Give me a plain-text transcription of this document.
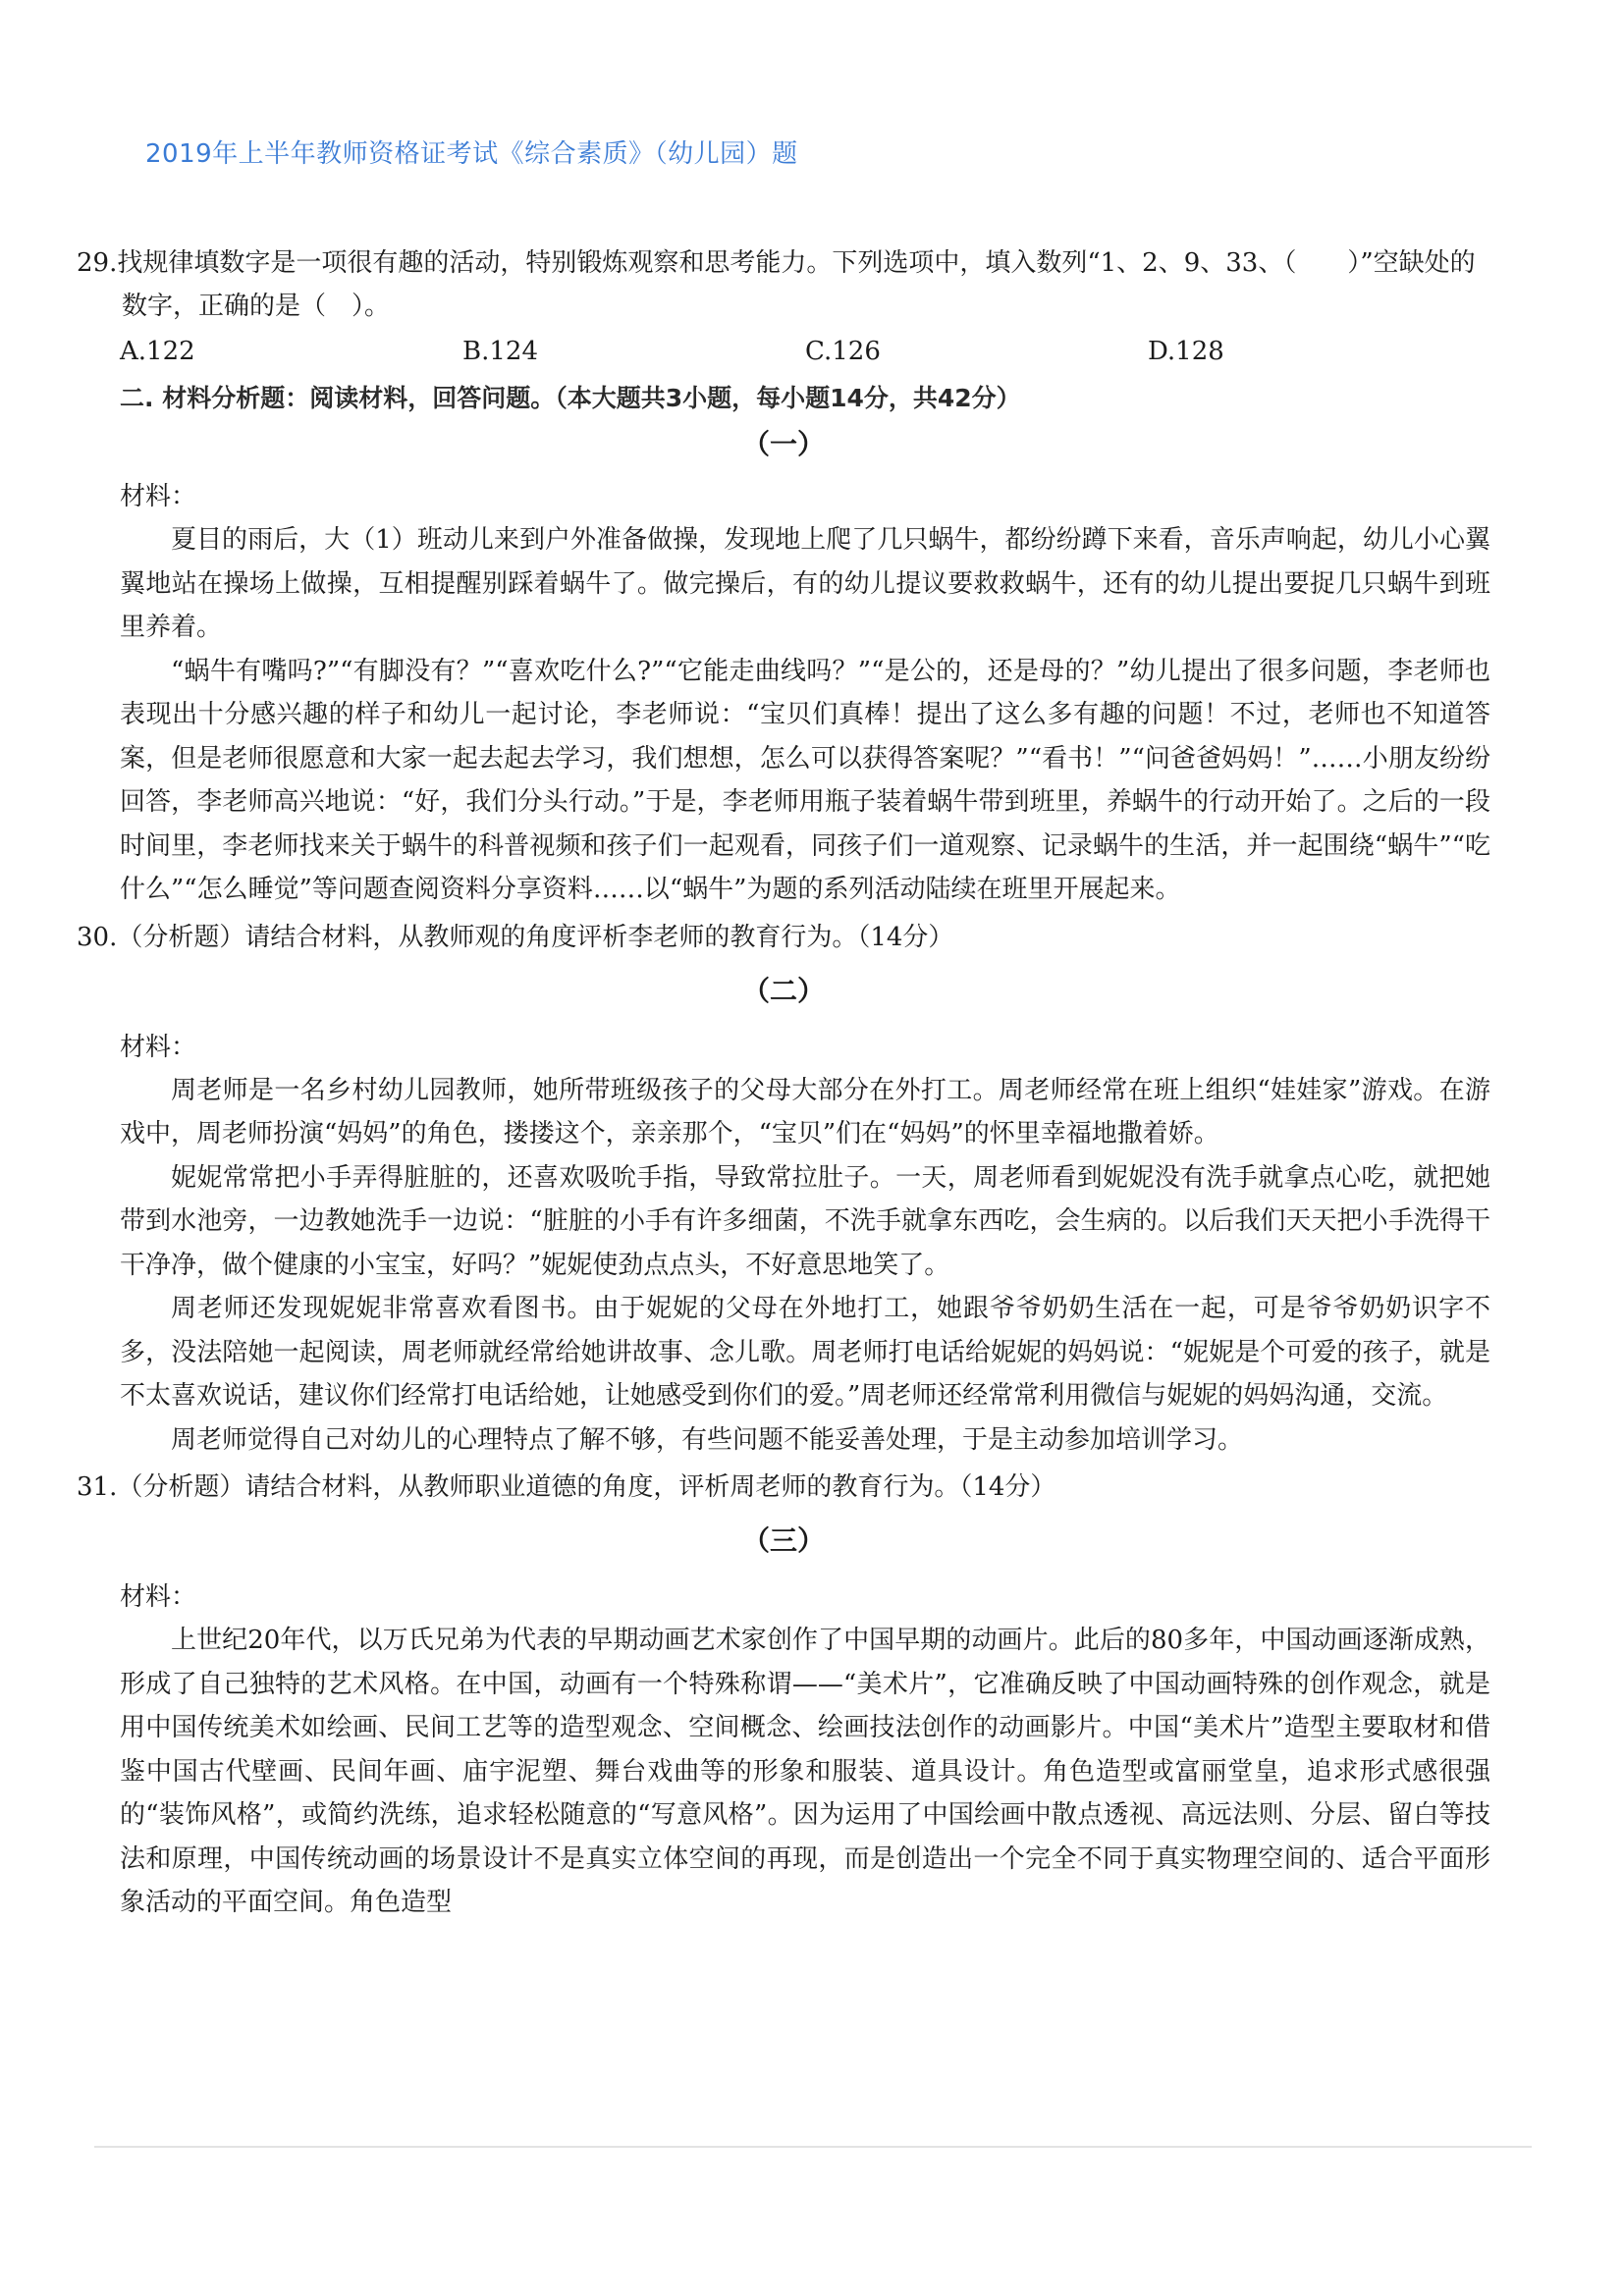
2019年上半年教师资格证考试《综合素质》（幼儿园）题

29.找规律填数字是一项很有趣的活动，特别锻炼观察和思考能力。下列选项中，填入数列“1、2、9、33、（　　）”空缺处的数字，正确的是（　）。

A.122	B.124	C.126	D.128
二. 材料分析题：阅读材料，回答问题。（本大题共3小题，每小题14分，共42分）

（一）

材料：

夏目的雨后，大（1）班动儿来到户外准备做操，发现地上爬了几只蜗牛，都纷纷蹲下来看，音乐声响起，幼儿小心翼翼地站在操场上做操，互相提醒别踩着蜗牛了。做完操后，有的幼儿提议要救救蜗牛，还有的幼儿提出要捉几只蜗牛到班里养着。

“蜗牛有嘴吗?”“有脚没有？”“喜欢吃什么?”“它能走曲线吗？”“是公的，还是母的？”幼儿提出了很多问题，李老师也表现出十分感兴趣的样子和幼儿一起讨论，李老师说：“宝贝们真棒！提出了这么多有趣的问题！不过，老师也不知道答案，但是老师很愿意和大家一起去起去学习，我们想想，怎么可以获得答案呢？”“看书！”“问爸爸妈妈！”……小朋友纷纷回答，李老师高兴地说：“好，我们分头行动。”于是，李老师用瓶子装着蜗牛带到班里，养蜗牛的行动开始了。之后的一段时间里，李老师找来关于蜗牛的科普视频和孩子们一起观看，同孩子们一道观察、记录蜗牛的生活，并一起围绕“蜗牛”“吃什么”“怎么睡觉”等问题查阅资料分享资料……以“蜗牛”为题的系列活动陆续在班里开展起来。

30.（分析题）请结合材料，从教师观的角度评析李老师的教育行为。（14分）

（二）

材料：

周老师是一名乡村幼儿园教师，她所带班级孩子的父母大部分在外打工。周老师经常在班上组织“娃娃家”游戏。在游戏中，周老师扮演“妈妈”的角色，搂搂这个，亲亲那个，“宝贝”们在“妈妈”的怀里幸福地撒着娇。

妮妮常常把小手弄得脏脏的，还喜欢吸吮手指，导致常拉肚子。一天，周老师看到妮妮没有洗手就拿点心吃，就把她带到水池旁，一边教她洗手一边说：“脏脏的小手有许多细菌，不洗手就拿东西吃，会生病的。以后我们天天把小手洗得干干净净，做个健康的小宝宝，好吗？”妮妮使劲点点头，不好意思地笑了。

周老师还发现妮妮非常喜欢看图书。由于妮妮的父母在外地打工，她跟爷爷奶奶生活在一起，可是爷爷奶奶识字不多，没法陪她一起阅读，周老师就经常给她讲故事、念儿歌。周老师打电话给妮妮的妈妈说：“妮妮是个可爱的孩子，就是不太喜欢说话，建议你们经常打电话给她，让她感受到你们的爱。”周老师还经常常利用微信与妮妮的妈妈沟通，交流。

周老师觉得自己对幼儿的心理特点了解不够，有些问题不能妥善处理，于是主动参加培训学习。

31.（分析题）请结合材料，从教师职业道德的角度，评析周老师的教育行为。（14分）

（三）

材料：

上世纪20年代，以万氏兄弟为代表的早期动画艺术家创作了中国早期的动画片。此后的80多年，中国动画逐渐成熟，形成了自己独特的艺术风格。在中国，动画有一个特殊称谓——“美术片”，它准确反映了中国动画特殊的创作观念，就是用中国传统美术如绘画、民间工艺等的造型观念、空间概念、绘画技法创作的动画影片。中国“美术片”造型主要取材和借鉴中国古代壁画、民间年画、庙宇泥塑、舞台戏曲等的形象和服装、道具设计。角色造型或富丽堂皇，追求形式感很强的“装饰风格”，或简约洗练，追求轻松随意的“写意风格”。因为运用了中国绘画中散点透视、高远法则、分层、留白等技法和原理，中国传统动画的场景设计不是真实立体空间的再现，而是创造出一个完全不同于真实物理空间的、适合平面形象活动的平面空间。角色造型
